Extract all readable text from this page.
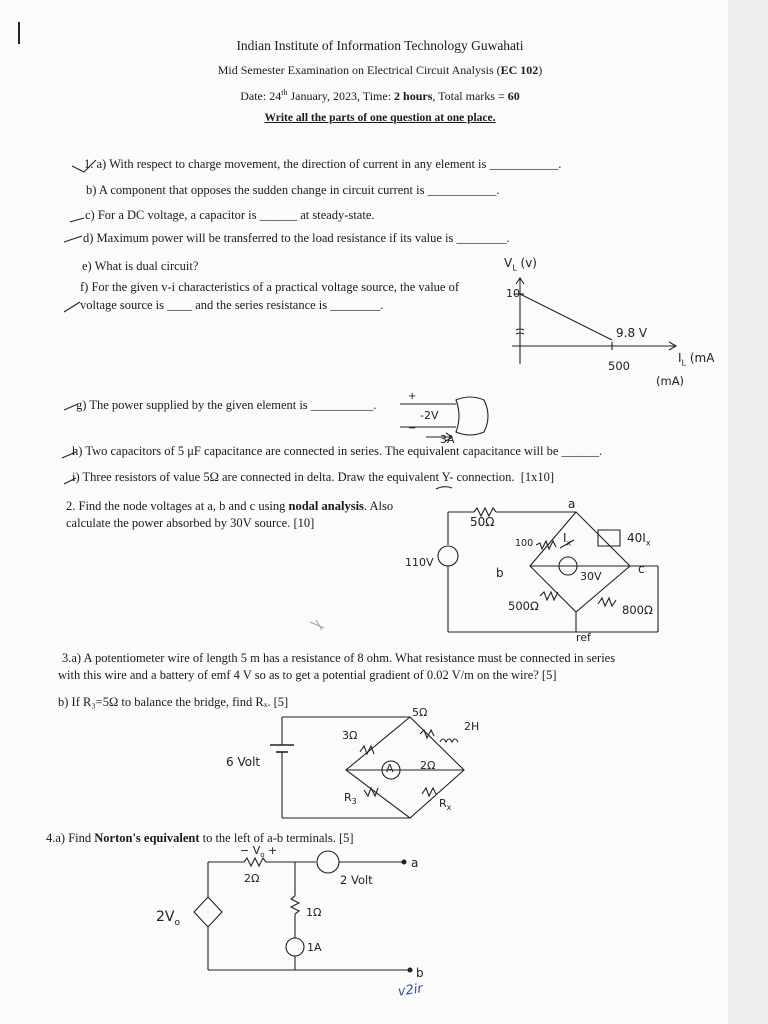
Indian Institute of Information Technology Guwahati
Mid Semester Examination on Electrical Circuit Analysis (EC 102)
Date: 24th January, 2023, Time: 2 hours, Total marks = 60
Write all the parts of one question at one place.
1. a) With respect to charge movement, the direction of current in any element is ___________.
b) A component that opposes the sudden change in circuit current is ___________.
c) For a DC voltage, a capacitor is ______ at steady-state.
d) Maximum power will be transferred to the load resistance if its value is ________.
e) What is dual circuit?
f) For the given v-i characteristics of a practical voltage source, the value of
voltage source is ____ and the series resistance is ________.
$V_L$ (v)
10
9.8 V
500
$I_L$ (mA
(mA)
g) The power supplied by the given element is __________.
+
-2V
−
3A
h) Two capacitors of 5 μF capacitance are connected in series. The equivalent capacitance will be ______.
i) Three resistors of value 5Ω are connected in delta. Draw the equivalent Y- connection. [1x10]
2. Find the node voltages at a, b and c using nodal analysis. Also
calculate the power absorbed by 30V source. [10]	50Ω
a
100 $I_x$	$40I_x$
110V
b	30V
c
500Ω	800Ω
ref
3.a) A potentiometer wire of length 5 m has a resistance of 8 ohm. What resistance must be connected in series
with this wire and a battery of emf 4 V so as to get a potential gradient of 0.02 V/m on the wire? [5]
b) If R₃=5Ω to balance the bridge, find Rₓ. [5]
6 Volt
3Ω
5Ω
2H
A 2Ω
$R_3$	$R_x$
4.a) Find Norton's equivalent to the left of a-b terminals. [5]
− $V_o$ +
2Ω	2 Volt
$2V_o$
1Ω
1A
a
b
v2ir
